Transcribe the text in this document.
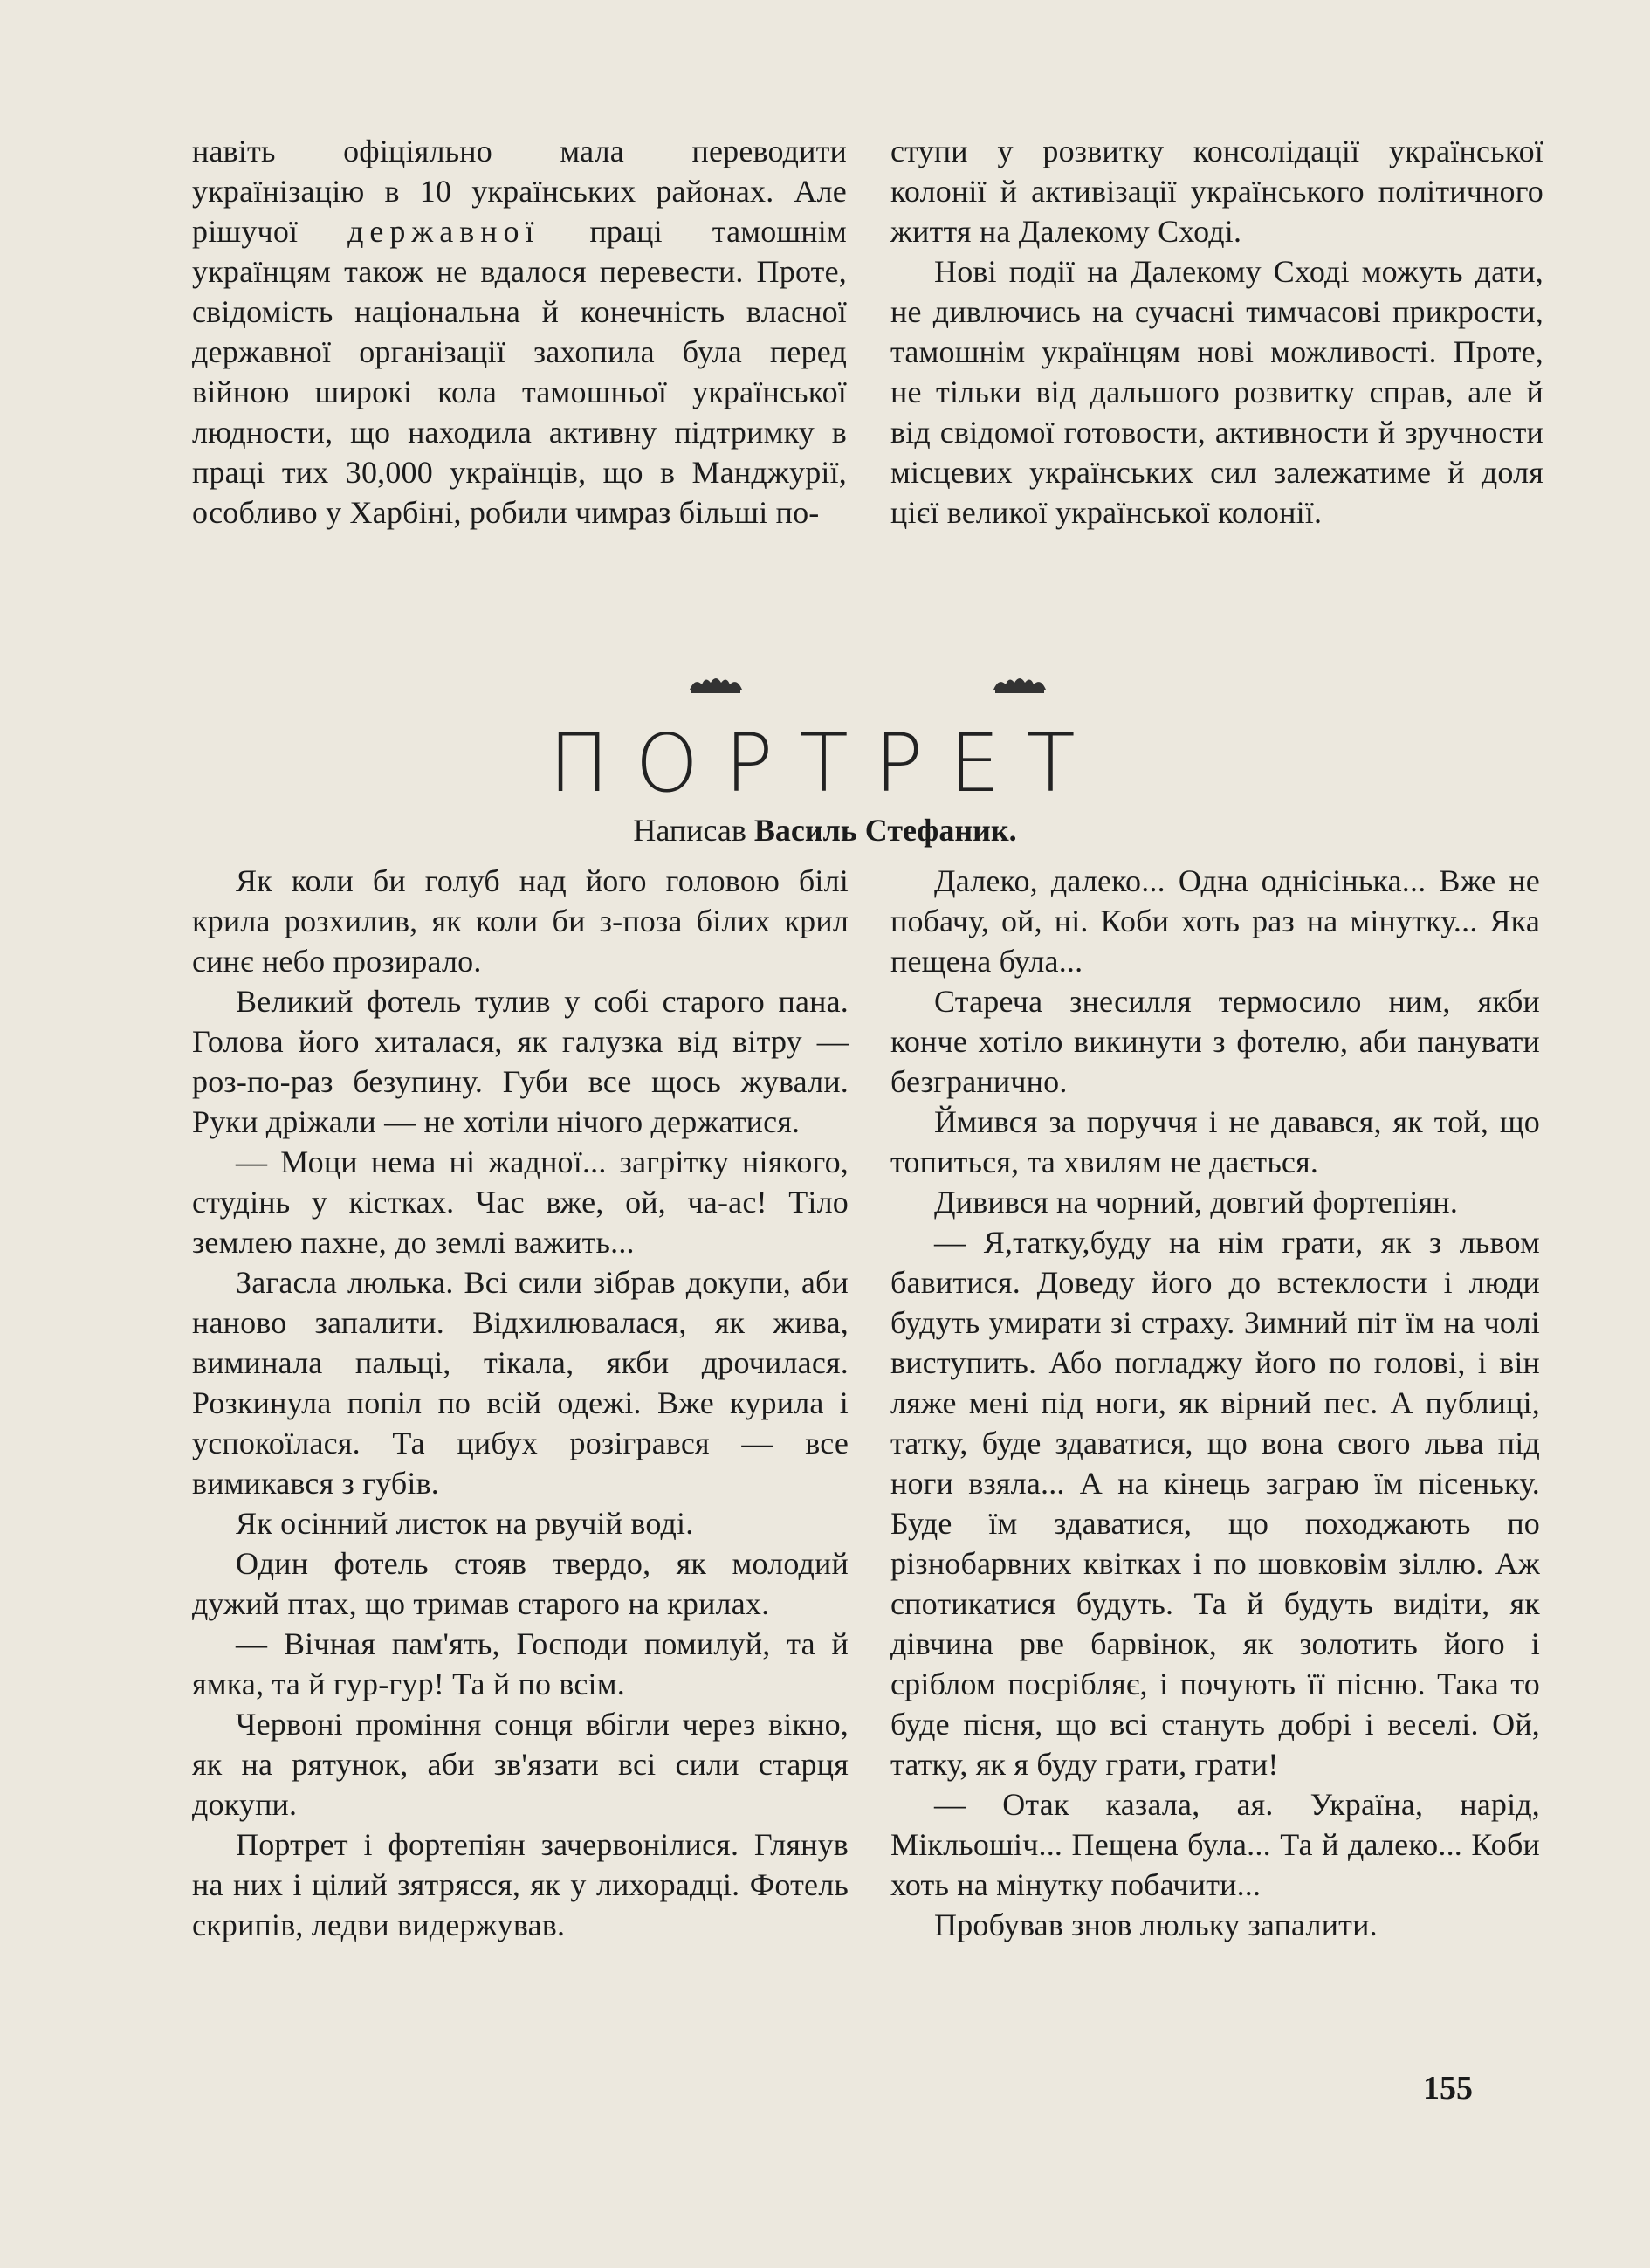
навіть офіціяльно мала переводити українізацію в 10 українських районах. Але рішучої державної праці тамошнім українцям також не вдалося перевести. Проте, свідомість національна й конечність власної державної організації захопила була перед війною широкі кола тамошньої української людности, що находила активну підтримку в праці тих 30,000 українців, що в Манджурії, особливо у Харбіні, робили чимраз більші по-

ступи у розвитку консолідації української колонії й активізації українського політичного життя на Далекому Сході.

Нові події на Далекому Сході можуть дати, не дивлючись на сучасні тимчасові прикрости, тамошнім українцям нові можливості. Проте, не тільки від дальшого розвитку справ, але й від свідомої готовости, активности й зручности місцевих українських сил залежатиме й доля цієї великої української колонії.

ПОРТРЕТ
Написав Василь Стефаник.

Як коли би голуб над його головою білі крила розхилив, як коли би з-поза білих крил синє небо прозирало.

Великий фотель тулив у собі старого пана. Голова його хиталася, як галузка від вітру — роз-по-раз безупину. Губи все щось жували. Руки дріжали — не хотіли нічого держатися.

— Моци нема ні жадної... загрітку ніякого, студінь у кістках. Час вже, ой, ча-ас! Тіло землею пахне, до землі важить...

Загасла люлька. Всі сили зібрав докупи, аби наново запалити. Відхилювалася, як жива, виминала пальці, тікала, якби дрочилася. Розкинула попіл по всій одежі. Вже курила і успокоїлася. Та цибух розігрався — все вимикався з губів.

Як осінний листок на рвучій воді.

Один фотель стояв твердо, як молодий дужий птах, що тримав старого на крилах.

— Вічная пам'ять, Господи помилуй, та й ямка, та й гур-гур! Та й по всім.

Червоні проміння сонця вбігли через вікно, як на рятунок, аби зв'язати всі сили старця докупи.

Портрет і фортепіян зачервонілися. Глянув на них і цілий зятрясся, як у лихорадці. Фотель скрипів, ледви видержував.

Далеко, далеко... Одна однісінька... Вже не побачу, ой, ні. Коби хоть раз на мінутку... Яка пещена була...

Стареча знесилля термосило ним, якби конче хотіло викинути з фотелю, аби панувати безгранично.

Ймився за поруччя і не давався, як той, що топиться, та хвилям не дається.

Дивився на чорний, довгий фортепіян.

— Я,татку,буду на нім грати, як з львом бавитися. Доведу його до встеклости і люди будуть умирати зі страху. Зимний піт їм на чолі виступить. Або погладжу його по голові, і він ляже мені під ноги, як вірний пес. А публиці, татку, буде здаватися, що вона свого льва під ноги взяла... А на кінець заграю їм пісеньку. Буде їм здаватися, що походжають по різнобарвних квітках і по шовковім зіллю. Аж спотикатися будуть. Та й будуть видіти, як дівчина рве барвінок, як золотить його і сріблом посрібляє, і почують її пісню. Така то буде пісня, що всі стануть добрі і веселі. Ой, татку, як я буду грати, грати!

— Отак казала, ая. Україна, нарід, Мікльошіч... Пещена була... Та й далеко... Коби хоть на мінутку побачити...

Пробував знов люльку запалити.

155
